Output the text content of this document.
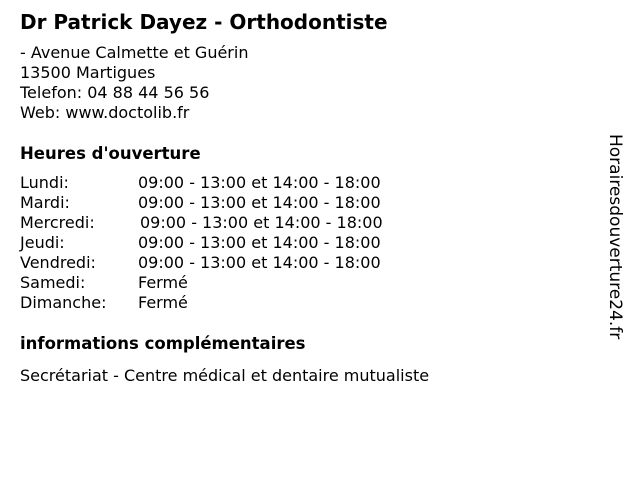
Dr Patrick Dayez - Orthodontiste
- Avenue Calmette et Guérin
13500 Martigues
Telefon: 04 88 44 56 56
Web: www.doctolib.fr
Heures d'ouverture
Lundi:	09:00 - 13:00 et 14:00 - 18:00
Mardi:	09:00 - 13:00 et 14:00 - 18:00
Mercredi:	09:00 - 13:00 et 14:00 - 18:00
Jeudi:	09:00 - 13:00 et 14:00 - 18:00
Vendredi:	09:00 - 13:00 et 14:00 - 18:00
Samedi:	Fermé
Dimanche: Fermé
informations complémentaires
Secrétariat - Centre médical et dentaire mutualiste
Horairesdouverture24.fr
